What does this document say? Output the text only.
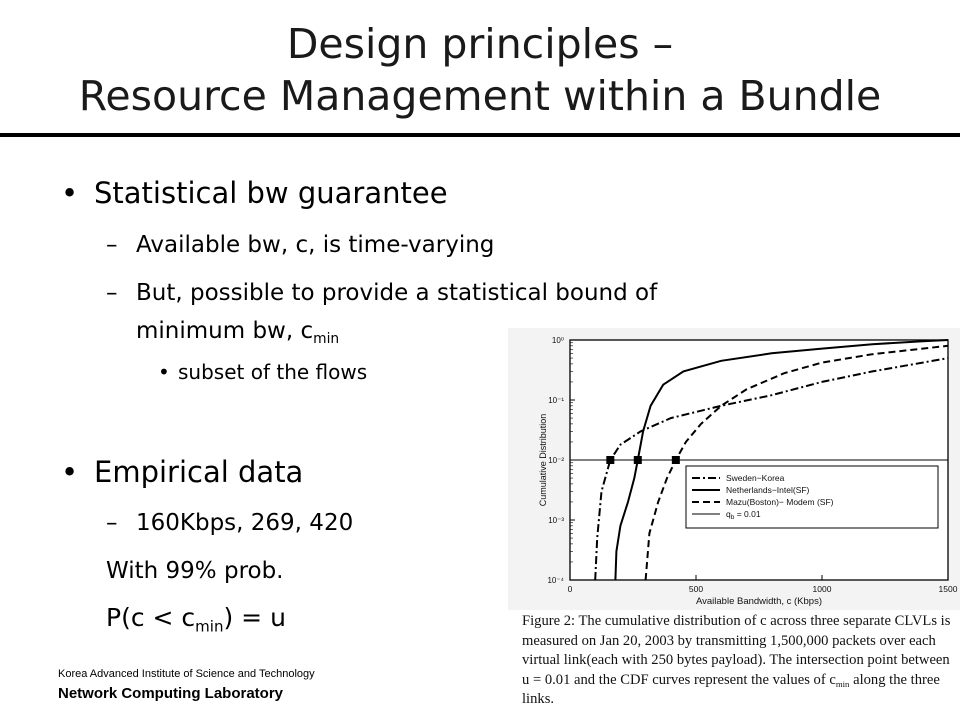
Design principles –
Resource Management within a Bundle
• Statistical bw guarantee
– Available bw, c, is time-varying
– But, possible to provide a statistical bound of
minimum bw, $c_{min}$
• subset of the flows
• Empirical data
– 160Kbps, 269, 420
With 99% prob.
$P(c < c_{min}) = u$
10⁰
10⁻¹
10⁻²
10⁻³
10⁻⁴
0	500	1000	1500
Available Bandwidth, c (Kbps)
Cumulative Distribution	Sweden−Korea
Netherlands−Intel(SF)
Mazu(Boston)− Modem (SF)
$q_b = 0.01$
Figure 2: The cumulative distribution of c across three separate CLVLs is measured on Jan 20, 2003 by transmitting 1,500,000 packets over each virtual link(each with 250 bytes payload). The intersection point between u = 0.01 and the CDF curves represent the values of $c_{min}$ along the three links.
Korea Advanced Institute of Science and Technology
Network Computing Laboratory
